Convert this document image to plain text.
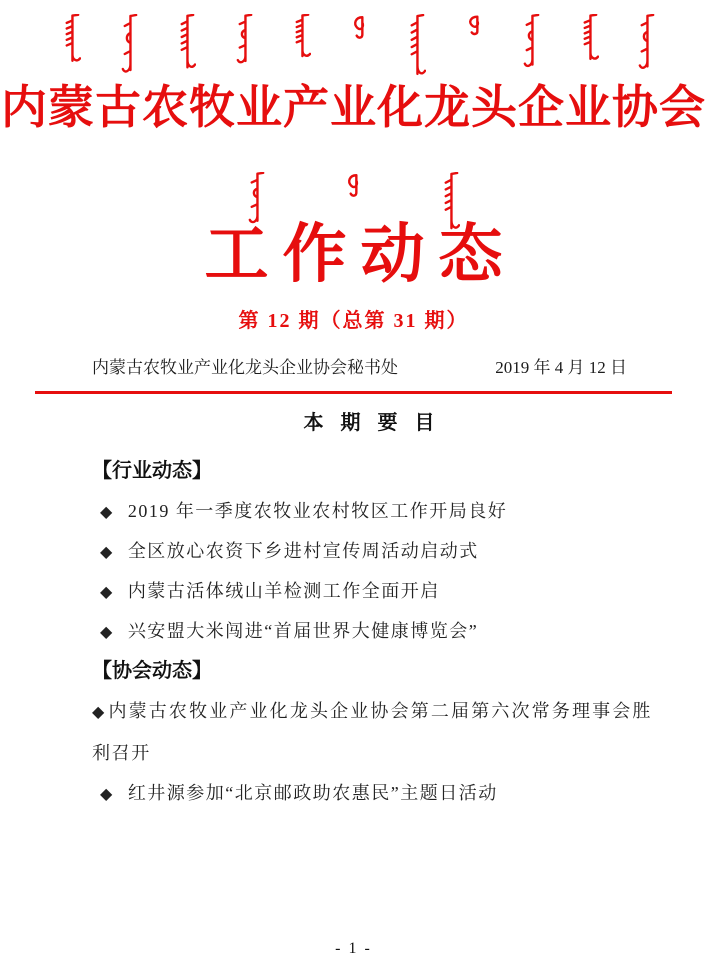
内蒙古农牧业产业化龙头企业协会
工作动态
第 12 期（总第 31 期）
内蒙古农牧业产业化龙头企业协会秘书处	2019 年 4 月 12 日
本 期 要 目
【行业动态】
◆ 2019 年一季度农牧业农村牧区工作开局良好
◆ 全区放心农资下乡进村宣传周活动启动式
◆ 内蒙古活体绒山羊检测工作全面开启
◆ 兴安盟大米闯进“首届世界大健康博览会”
【协会动态】
◆ 内蒙古农牧业产业化龙头企业协会第二届第六次常务理事会胜利召开
◆ 红井源参加“北京邮政助农惠民”主题日活动
- 1 -
